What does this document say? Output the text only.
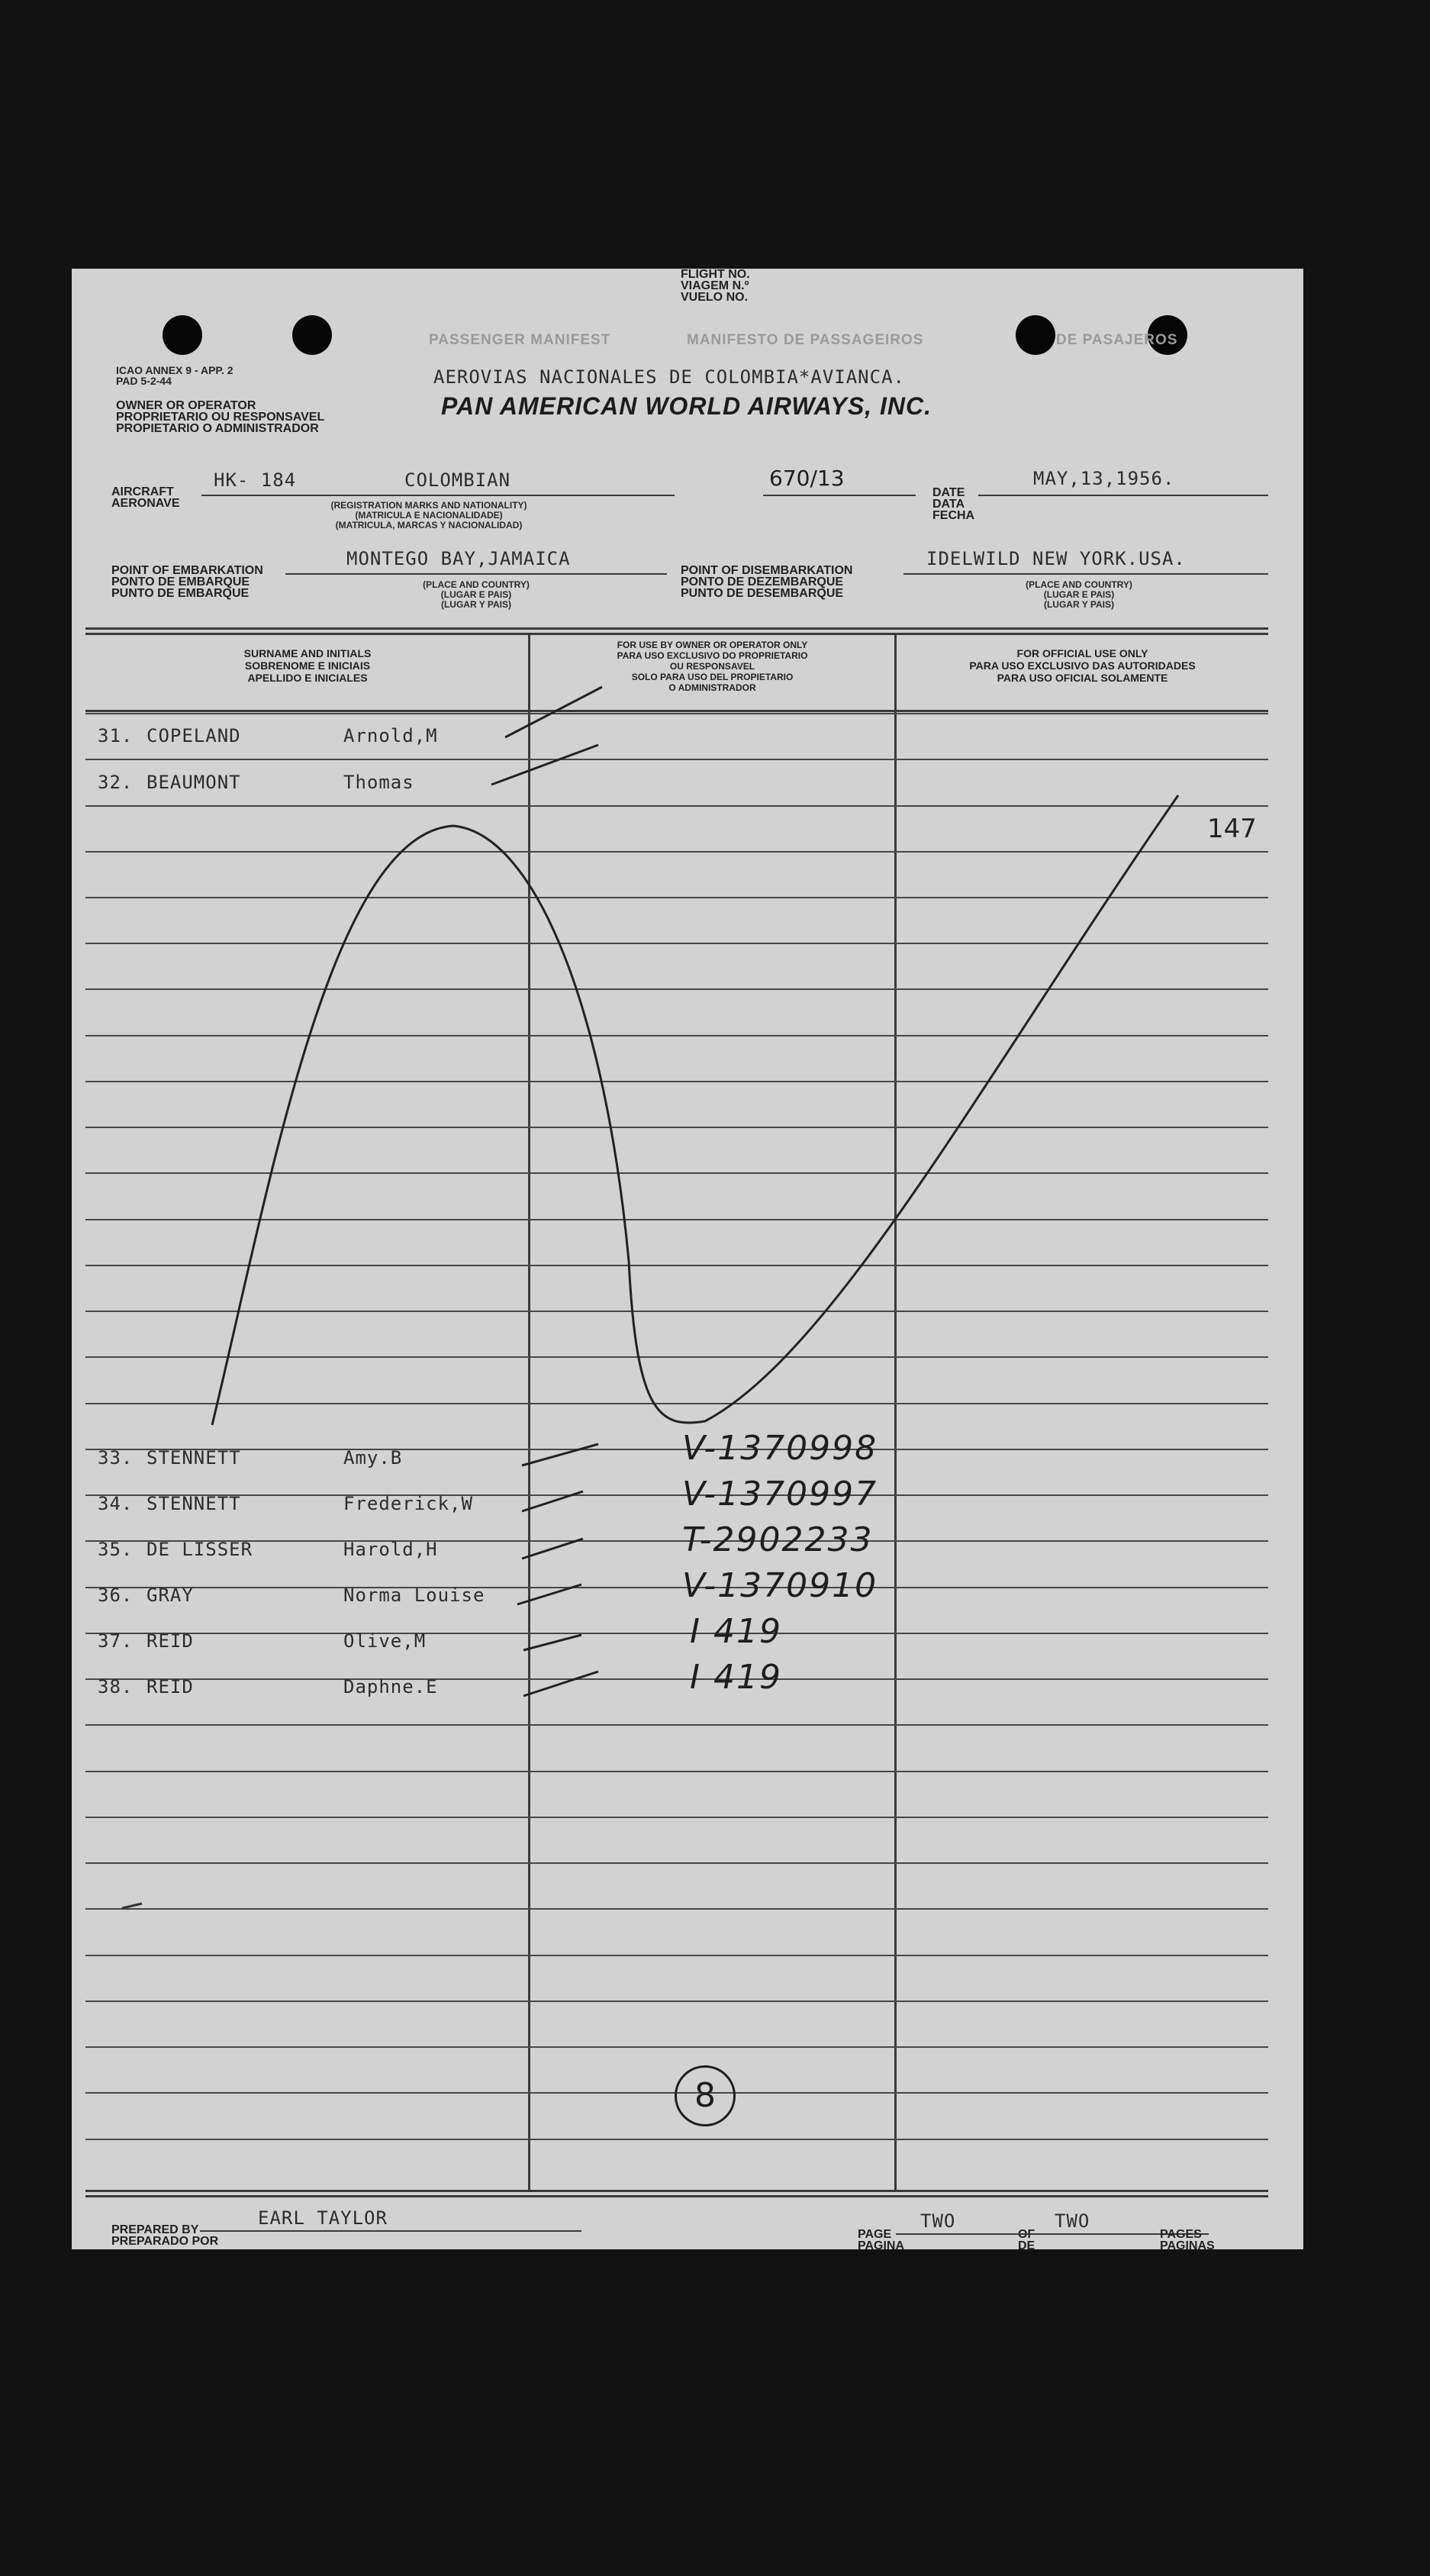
ICAO ANNEX 9 - APP. 2
PAD 5-2-44
PASSENGER MANIFEST	MANIFESTO DE PASSAGEIROS	DE PASAJEROS
OWNER OR OPERATOR
PROPRIETARIO OU RESPONSAVEL
PROPIETARIO O ADMINISTRADOR
AEROVIAS NACIONALES DE COLOMBIA*AVIANCA.
PAN AMERICAN WORLD AIRWAYS, INC.
AIRCRAFT
AERONAVE
HK- 184	COLOMBIAN
(REGISTRATION MARKS AND NATIONALITY)
(MATRICULA E NACIONALIDADE)
(MATRICULA, MARCAS Y NACIONALIDAD)
FLIGHT NO.
VIAGEM N.º
VUELO NO.
670/13
DATE
DATA
FECHA
MAY,13,1956.
POINT OF EMBARKATION
PONTO DE EMBARQUE
PUNTO DE EMBARQUE
MONTEGO BAY,JAMAICA
(PLACE AND COUNTRY)
(LUGAR E PAIS)
(LUGAR Y PAIS)
POINT OF DISEMBARKATION
PONTO DE DEZEMBARQUE
PUNTO DE DESEMBARQUE
IDELWILD NEW YORK.USA.
(PLACE AND COUNTRY)
(LUGAR E PAIS)
(LUGAR Y PAIS)
SURNAME AND INITIALS
SOBRENOME E INICIAIS
APELLIDO E INICIALES
FOR USE BY OWNER OR OPERATOR ONLY
PARA USO EXCLUSIVO DO PROPRIETARIO
OU RESPONSAVEL
SOLO PARA USO DEL PROPIETARIO
O ADMINISTRADOR
FOR OFFICIAL USE ONLY
PARA USO EXCLUSIVO DAS AUTORIDADES
PARA USO OFICIAL SOLAMENTE
31. COPELAND	Arnold,M
32. BEAUMONT	Thomas
33. STENNETT	Amy.B	V-1370998
34. STENNETT	Frederick,W	V-1370997
35. DE LISSER	Harold,H	T-2902233
36. GRAY	Norma Louise	V-1370910
37. REID	Olive,M	I 419
38. REID	Daphne.E	I 419
147
8
PREPARED BY
PREPARADO POR
EARL TAYLOR
PAGE
PAGINA
TWO
DE
TWO
PAGES
PAGINAS
